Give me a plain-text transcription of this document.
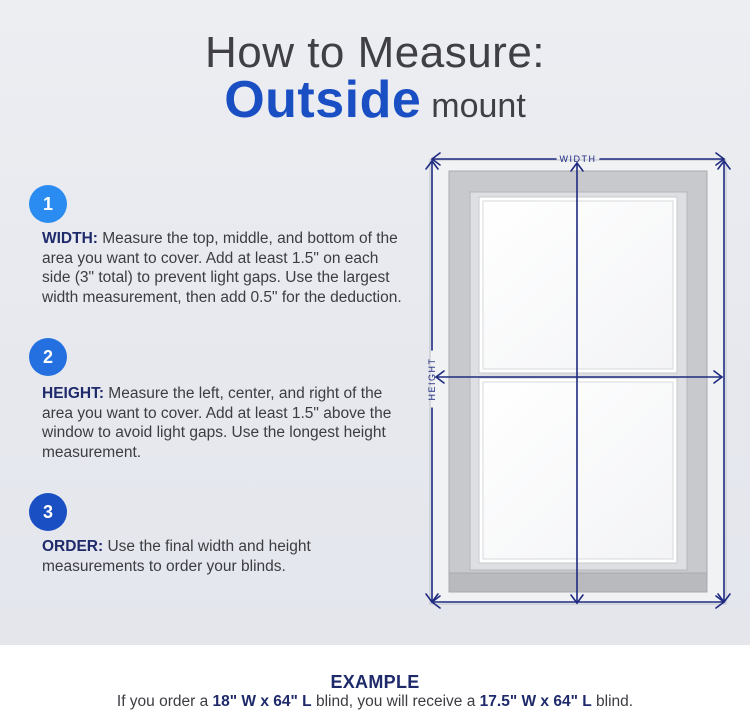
How to Measure:
Outside mount
1
WIDTH: Measure the top, middle, and bottom of the area you want to cover. Add at least 1.5" on each side (3" total) to prevent light gaps. Use the largest width measurement, then add 0.5" for the deduction.
2
HEIGHT: Measure the left, center, and right of the area you want to cover. Add at least 1.5" above the window to avoid light gaps. Use the longest height measurement.
3
ORDER: Use the final width and height measurements to order your blinds.
WIDTH
HEIGHT
EXAMPLE
If you order a 18" W x 64" L blind, you will receive a 17.5" W x 64" L blind.
